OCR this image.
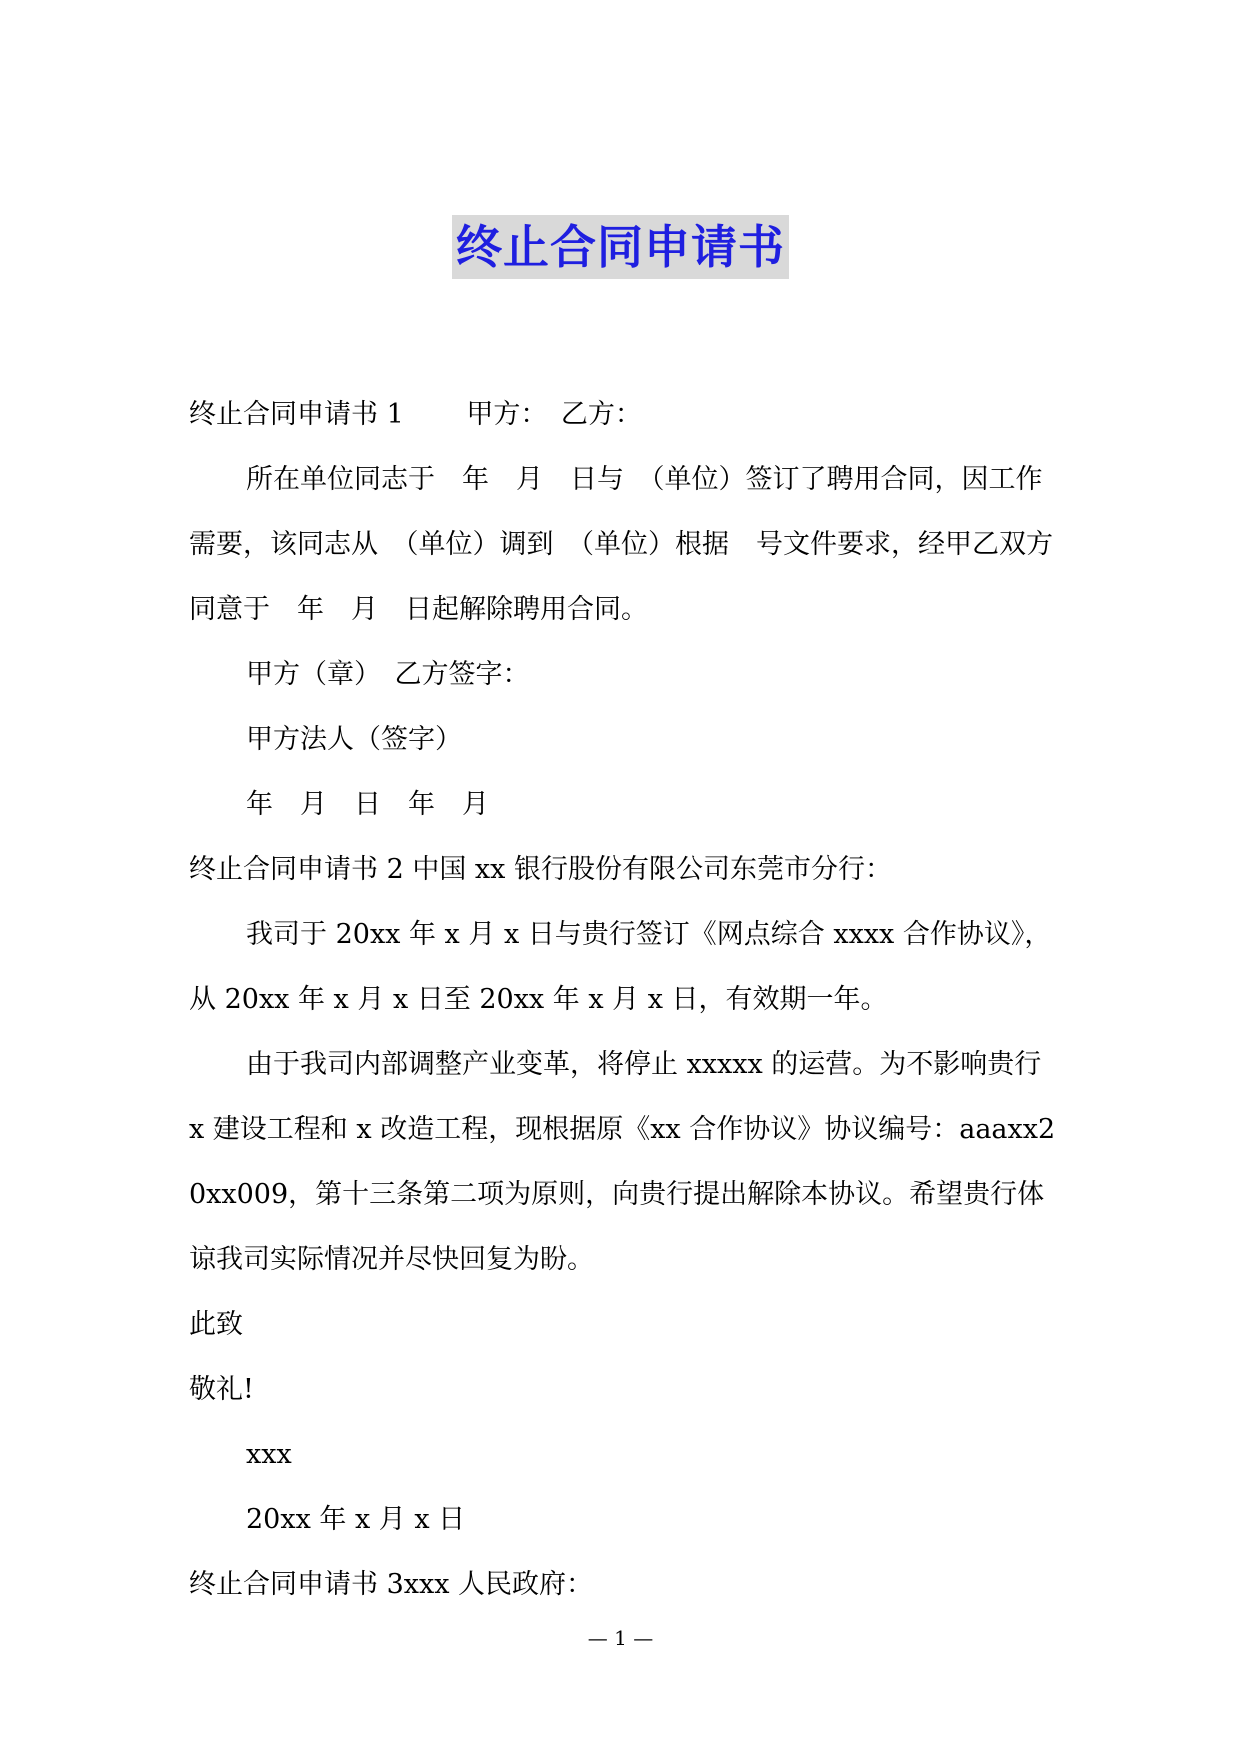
终止合同申请书

终止合同申请书 1　　 甲方：　乙方：

所在单位同志于　年　月　日与　（单位）签订了聘用合同，因工作需要，该同志从　（单位）调到　（单位）根据　号文件要求，经甲乙双方同意于　年　月　日起解除聘用合同。

甲方（章）　乙方签字：

甲方法人（签字）

年　月　日　年　月

终止合同申请书 2 中国 xx 银行股份有限公司东莞市分行：

我司于 20xx 年 x 月 x 日与贵行签订《网点综合 xxxx 合作协议》，从 20xx 年 x 月 x 日至 20xx 年 x 月 x 日，有效期一年。

由于我司内部调整产业变革，将停止 xxxxx 的运营。为不影响贵行 x 建设工程和 x 改造工程，现根据原《xx 合作协议》协议编号：aaaxx20xx009，第十三条第二项为原则，向贵行提出解除本协议。希望贵行体谅我司实际情况并尽快回复为盼。

此致

敬礼!

xxx

20xx 年 x 月 x 日

终止合同申请书 3xxx 人民政府：

— 1 —
